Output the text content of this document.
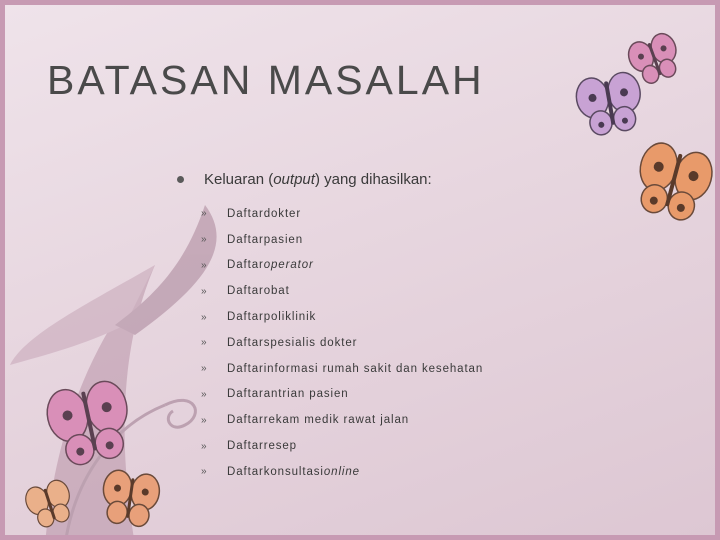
BATASAN MASALAH
Keluaran (output) yang dihasilkan:
»	Daftardokter
»	Daftarpasien
»	Daftar operator
»	Daftarobat
»	Daftarpoliklinik
»	Daftarspesialis dokter
»	Daftarinformasi rumah sakit dan kesehatan
»	Daftarantrian pasien
»	Daftarrekam medik rawat jalan
»	Daftarresep
»	Daftarkonsultasi online
